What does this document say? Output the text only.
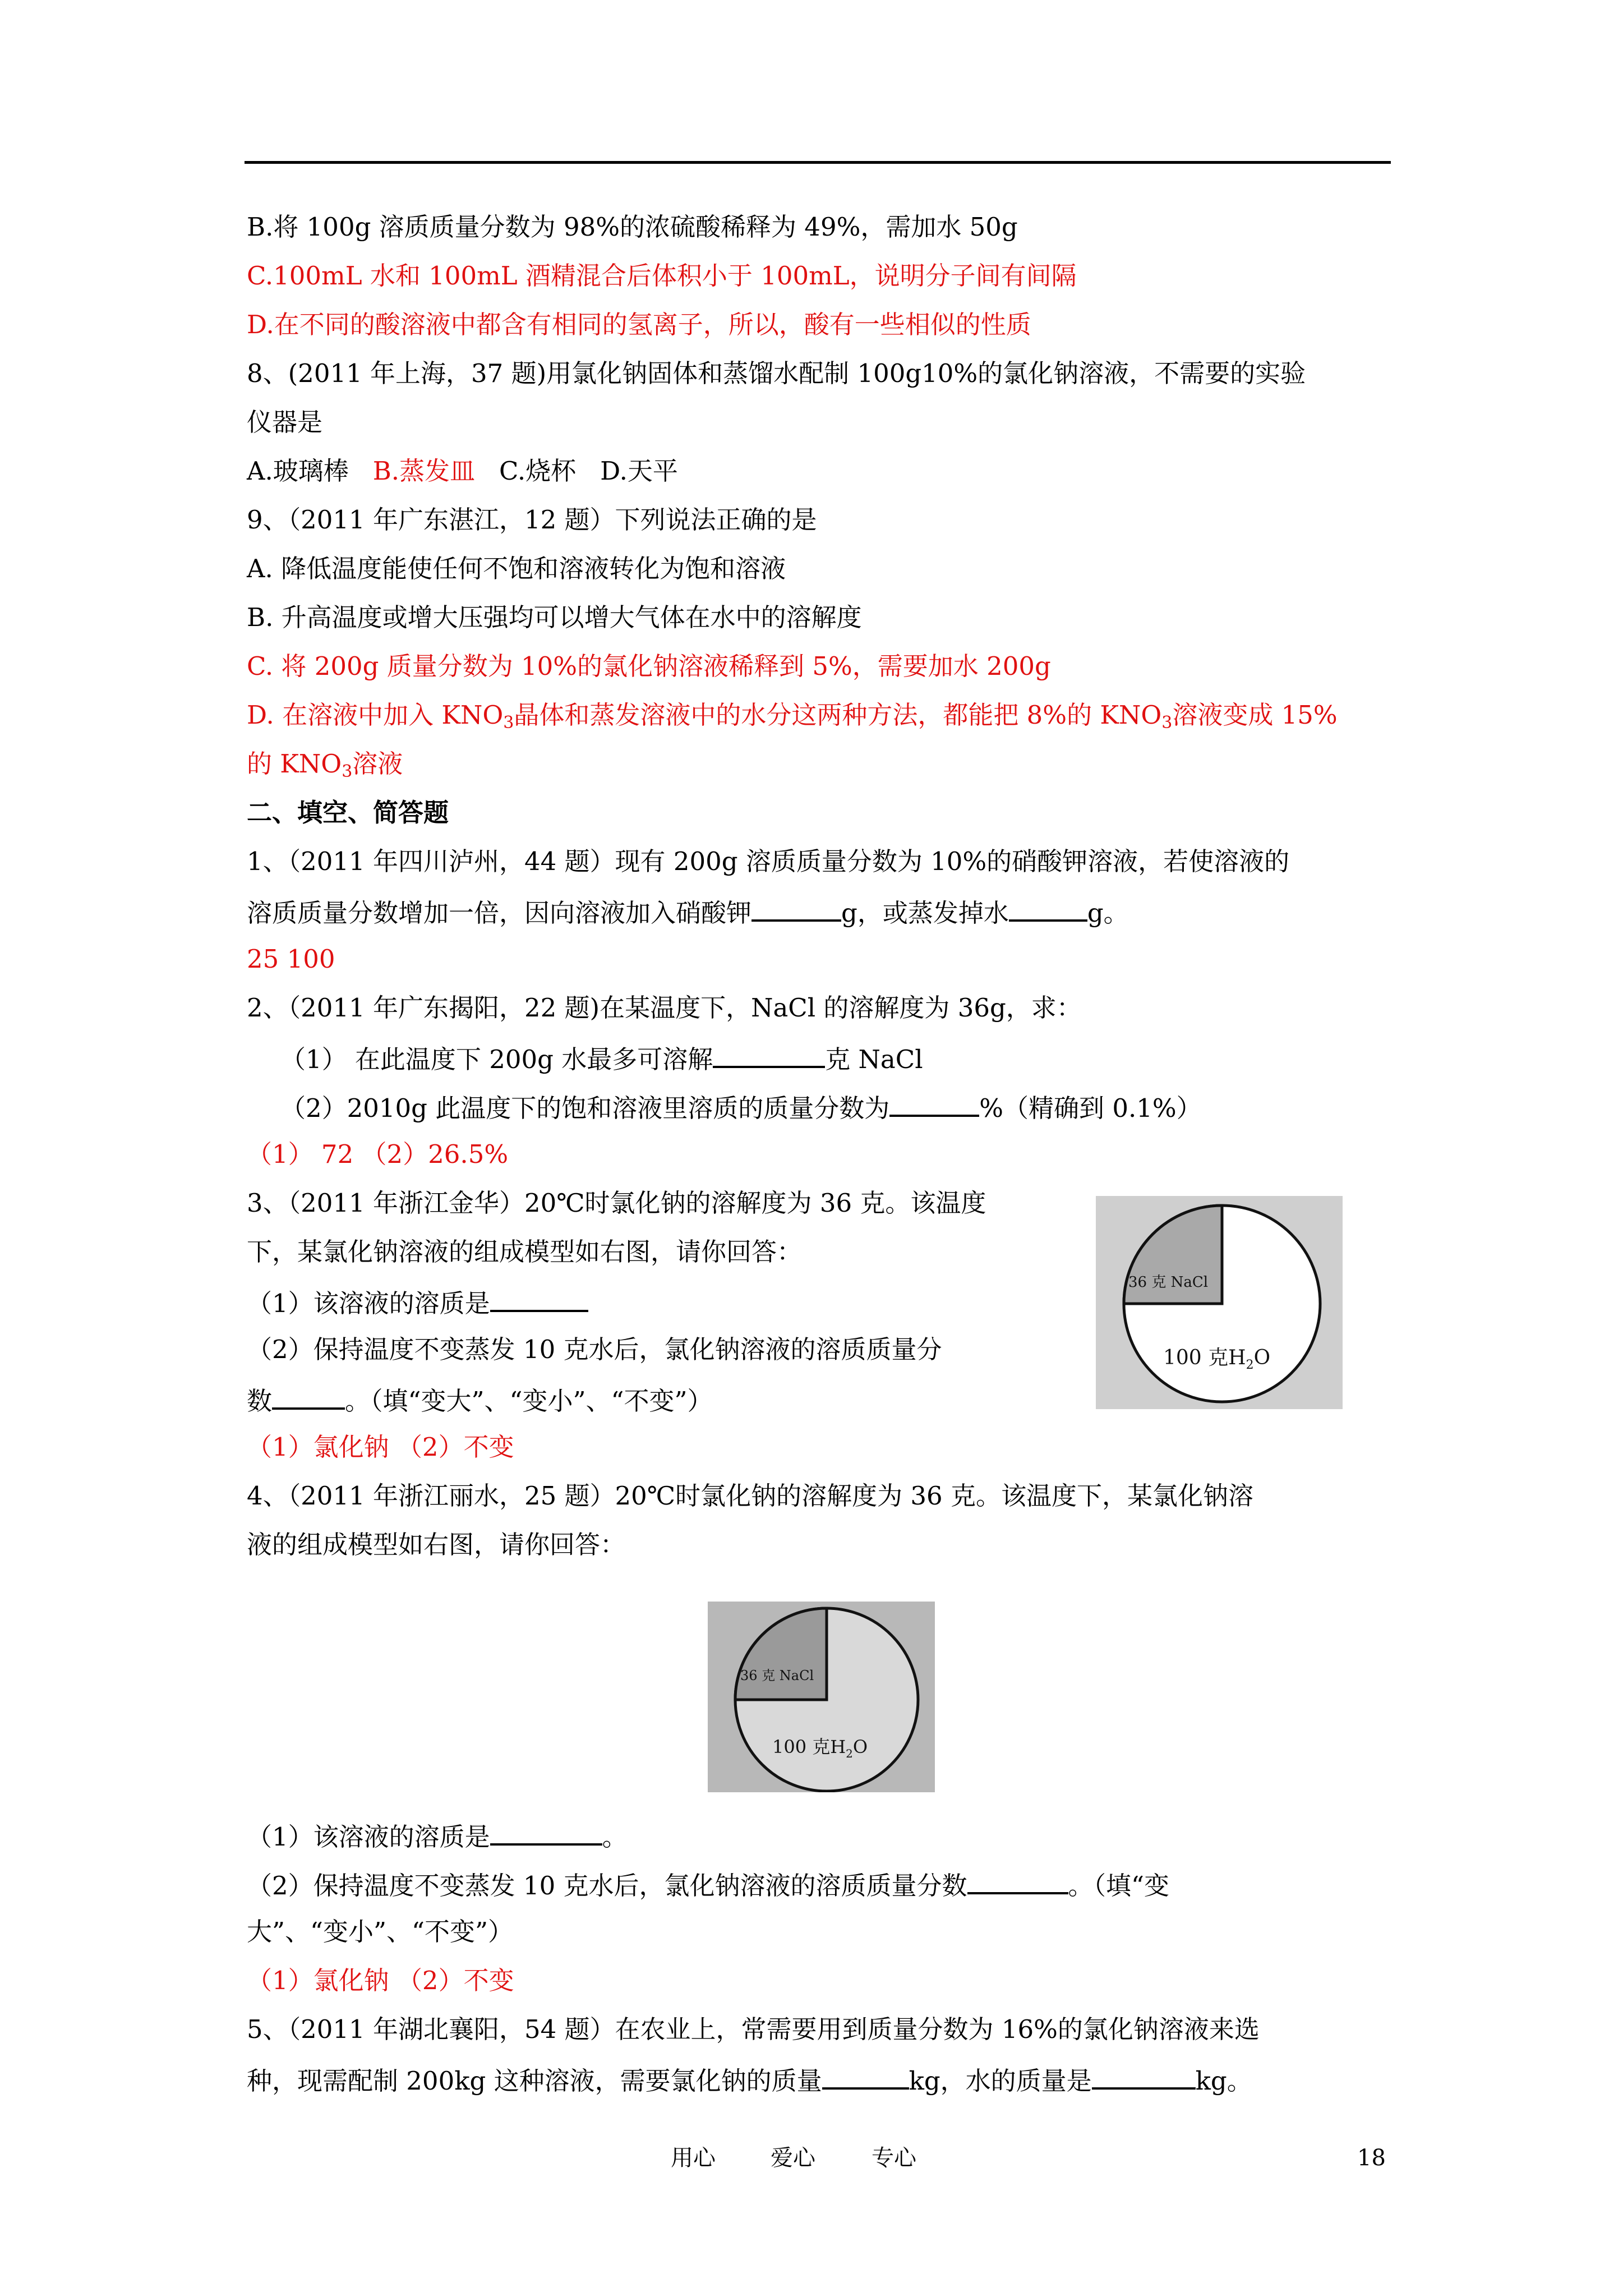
B.将 100g 溶质质量分数为 98%的浓硫酸稀释为 49%，需加水 50g
C.100mL 水和 100mL 酒精混合后体积小于 100mL，说明分子间有间隔
D.在不同的酸溶液中都含有相同的氢离子，所以，酸有一些相似的性质
8、(2011 年上海，37 题)用氯化钠固体和蒸馏水配制 100g10%的氯化钠溶液，不需要的实验
仪器是
A.玻璃棒 B.蒸发皿 C.烧杯 D.天平
9、（2011 年广东湛江，12 题）下列说法正确的是
A. 降低温度能使任何不饱和溶液转化为饱和溶液
B. 升高温度或增大压强均可以增大气体在水中的溶解度
C. 将 200g 质量分数为 10%的氯化钠溶液稀释到 5%，需要加水 200g
D. 在溶液中加入 $KNO_3$晶体和蒸发溶液中的水分这两种方法，都能把 8%的 $KNO_3$溶液变成 15%
的 $KNO_3$溶液
二、填空、简答题
1、（2011 年四川泸州，44 题）现有 200g 溶质质量分数为 10%的硝酸钾溶液，若使溶液的
溶质质量分数增加一倍，因向溶液加入硝酸钾	g，或蒸发掉水	g。
25 100
2、（2011 年广东揭阳，22 题)在某温度下，NaCl 的溶解度为 36g，求：
（1） 在此温度下 200g 水最多可溶解	克 NaCl
（2）2010g 此温度下的饱和溶液里溶质的质量分数为	%（精确到 0.1%）
（1） 72 （2）26.5%
3、（2011 年浙江金华）20℃时氯化钠的溶解度为 36 克。该温度
下，某氯化钠溶液的组成模型如右图，请你回答：
（1）该溶液的溶质是
（2）保持温度不变蒸发 10 克水后，氯化钠溶液的溶质质量分
数	。（填“变大”、“变小”、“不变”）
（1）氯化钠 （2）不变
36 克 NaCl
100 克$H_2O$
4、（2011 年浙江丽水，25 题）20℃时氯化钠的溶解度为 36 克。该温度下，某氯化钠溶
液的组成模型如右图，请你回答：
36 克 NaCl
100 克$H_2O$
（1）该溶液的溶质是	。
（2）保持温度不变蒸发 10 克水后，氯化钠溶液的溶质质量分数	。（填“变
大”、“变小”、“不变”）
（1）氯化钠 （2）不变
5、（2011 年湖北襄阳，54 题）在农业上，常需要用到质量分数为 16%的氯化钠溶液来选
种，现需配制 200kg 这种溶液，需要氯化钠的质量	kg，水的质量是	kg。
用心 爱心	专心	18
